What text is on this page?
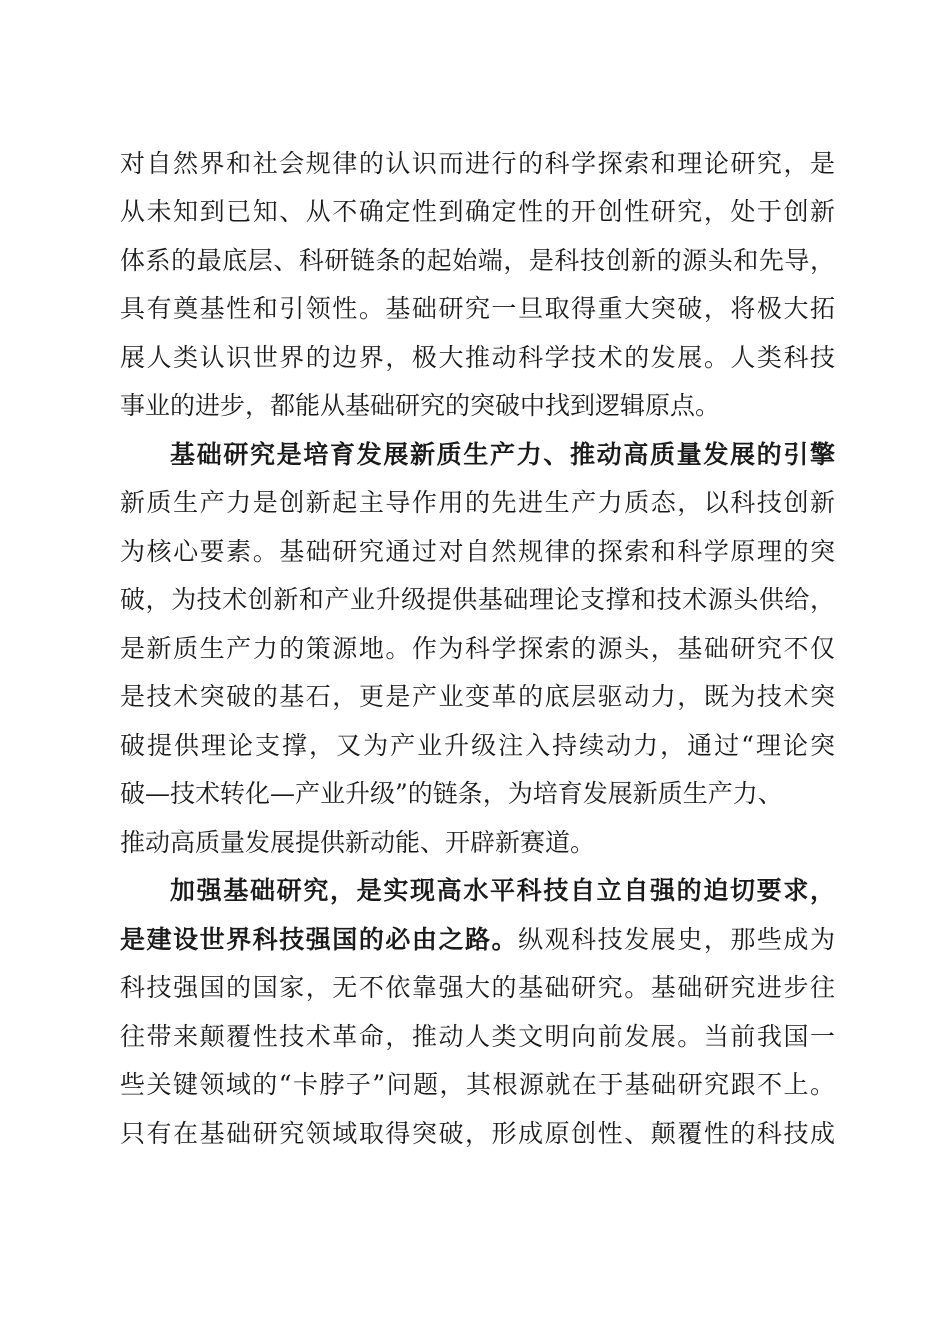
对自然界和社会规律的认识而进行的科学探索和理论研究，是
从未知到已知、从不确定性到确定性的开创性研究，处于创新
体系的最底层、科研链条的起始端，是科技创新的源头和先导，
具有奠基性和引领性。基础研究一旦取得重大突破，将极大拓
展人类认识世界的边界，极大推动科学技术的发展。人类科技
事业的进步，都能从基础研究的突破中找到逻辑原点。
基础研究是培育发展新质生产力、推动高质量发展的引擎
新质生产力是创新起主导作用的先进生产力质态，以科技创新
为核心要素。基础研究通过对自然规律的探索和科学原理的突
破，为技术创新和产业升级提供基础理论支撑和技术源头供给，
是新质生产力的策源地。作为科学探索的源头，基础研究不仅
是技术突破的基石，更是产业变革的底层驱动力，既为技术突
破提供理论支撑，又为产业升级注入持续动力，通过“理论突
破—技术转化—产业升级”的链条，为培育发展新质生产力、
推动高质量发展提供新动能、开辟新赛道。
加强基础研究，是实现高水平科技自立自强的迫切要求，
是建设世界科技强国的必由之路。纵观科技发展史，那些成为
科技强国的国家，无不依靠强大的基础研究。基础研究进步往
往带来颠覆性技术革命，推动人类文明向前发展。当前我国一
些关键领域的“卡脖子”问题，其根源就在于基础研究跟不上。
只有在基础研究领域取得突破，形成原创性、颠覆性的科技成
